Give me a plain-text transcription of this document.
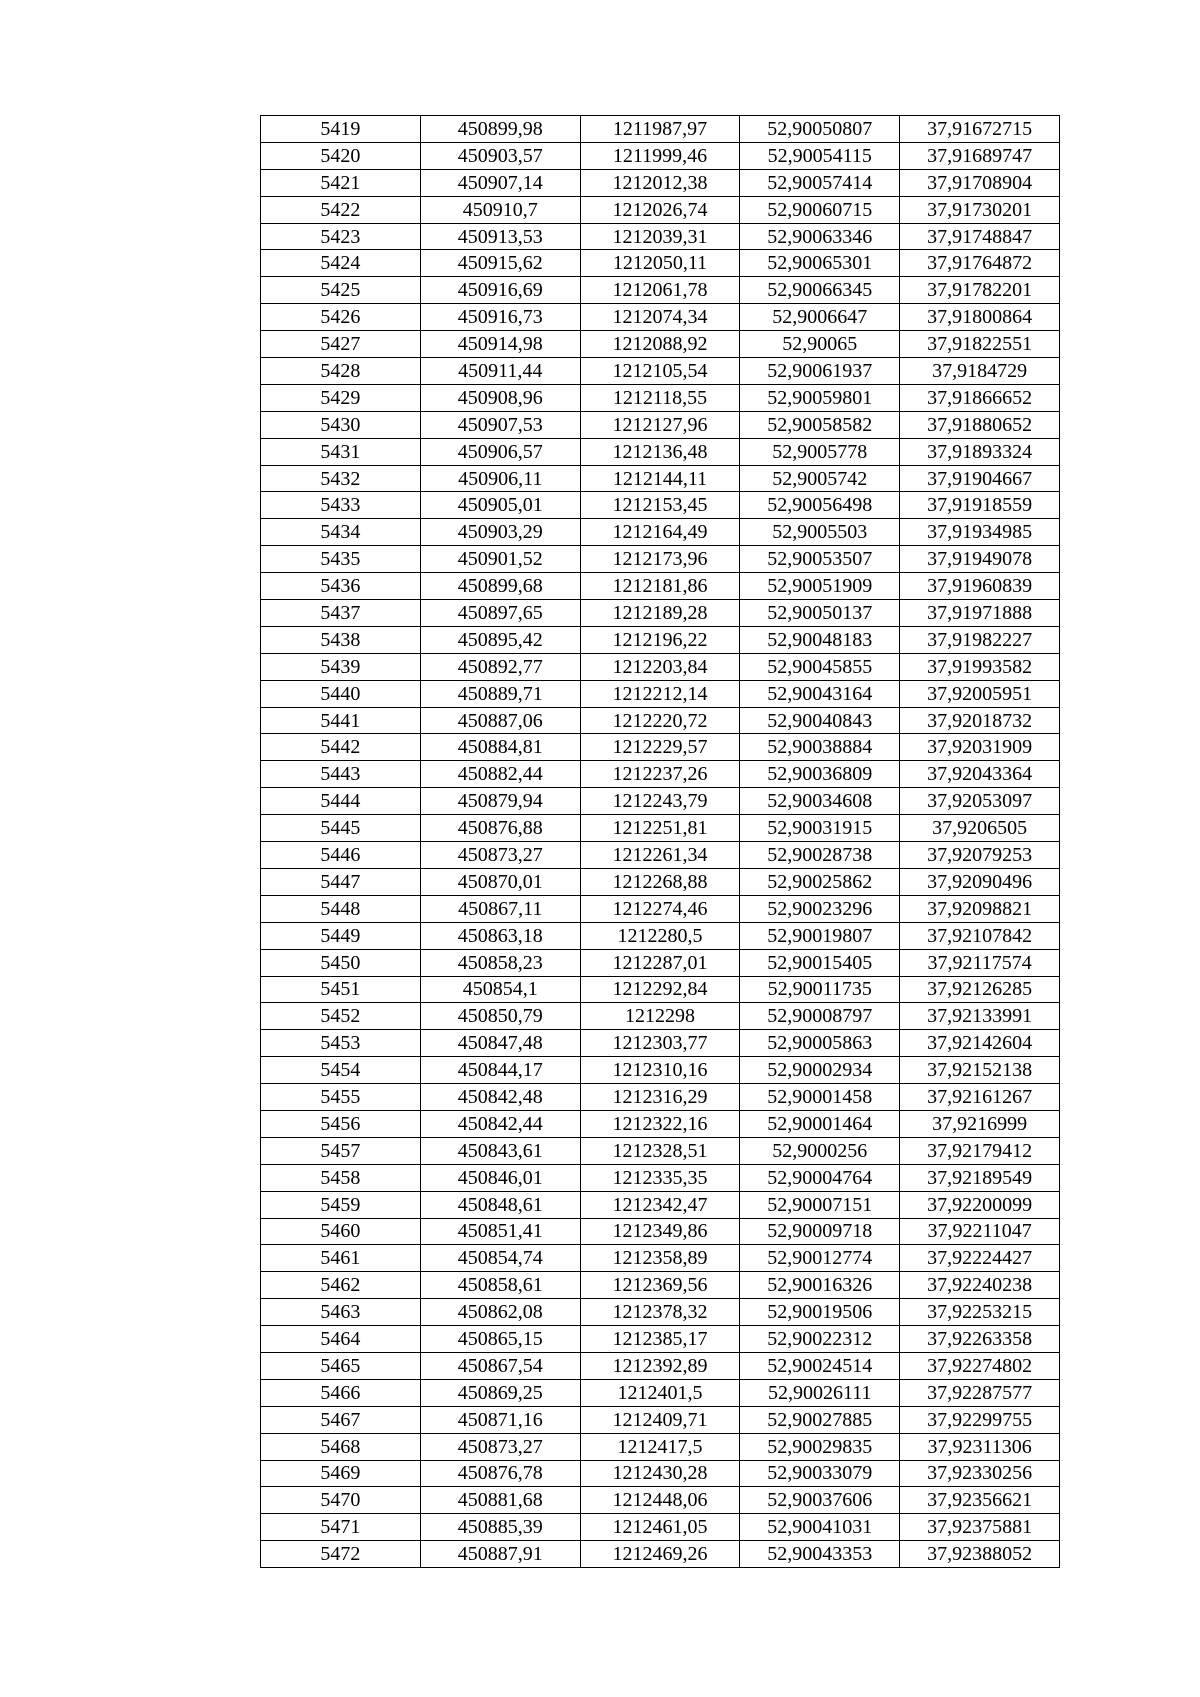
5419	450899,98	1211987,97	52,90050807	37,91672715
5420	450903,57	1211999,46	52,90054115	37,91689747
5421	450907,14	1212012,38	52,90057414	37,91708904
5422	450910,7	1212026,74	52,90060715	37,91730201
5423	450913,53	1212039,31	52,90063346	37,91748847
5424	450915,62	1212050,11	52,90065301	37,91764872
5425	450916,69	1212061,78	52,90066345	37,91782201
5426	450916,73	1212074,34	52,9006647	37,91800864
5427	450914,98	1212088,92	52,90065	37,91822551
5428	450911,44	1212105,54	52,90061937	37,9184729
5429	450908,96	1212118,55	52,90059801	37,91866652
5430	450907,53	1212127,96	52,90058582	37,91880652
5431	450906,57	1212136,48	52,9005778	37,91893324
5432	450906,11	1212144,11	52,9005742	37,91904667
5433	450905,01	1212153,45	52,90056498	37,91918559
5434	450903,29	1212164,49	52,9005503	37,91934985
5435	450901,52	1212173,96	52,90053507	37,91949078
5436	450899,68	1212181,86	52,90051909	37,91960839
5437	450897,65	1212189,28	52,90050137	37,91971888
5438	450895,42	1212196,22	52,90048183	37,91982227
5439	450892,77	1212203,84	52,90045855	37,91993582
5440	450889,71	1212212,14	52,90043164	37,92005951
5441	450887,06	1212220,72	52,90040843	37,92018732
5442	450884,81	1212229,57	52,90038884	37,92031909
5443	450882,44	1212237,26	52,90036809	37,92043364
5444	450879,94	1212243,79	52,90034608	37,92053097
5445	450876,88	1212251,81	52,90031915	37,9206505
5446	450873,27	1212261,34	52,90028738	37,92079253
5447	450870,01	1212268,88	52,90025862	37,92090496
5448	450867,11	1212274,46	52,90023296	37,92098821
5449	450863,18	1212280,5	52,90019807	37,92107842
5450	450858,23	1212287,01	52,90015405	37,92117574
5451	450854,1	1212292,84	52,90011735	37,92126285
5452	450850,79	1212298	52,90008797	37,92133991
5453	450847,48	1212303,77	52,90005863	37,92142604
5454	450844,17	1212310,16	52,90002934	37,92152138
5455	450842,48	1212316,29	52,90001458	37,92161267
5456	450842,44	1212322,16	52,90001464	37,9216999
5457	450843,61	1212328,51	52,9000256	37,92179412
5458	450846,01	1212335,35	52,90004764	37,92189549
5459	450848,61	1212342,47	52,90007151	37,92200099
5460	450851,41	1212349,86	52,90009718	37,92211047
5461	450854,74	1212358,89	52,90012774	37,92224427
5462	450858,61	1212369,56	52,90016326	37,92240238
5463	450862,08	1212378,32	52,90019506	37,92253215
5464	450865,15	1212385,17	52,90022312	37,92263358
5465	450867,54	1212392,89	52,90024514	37,92274802
5466	450869,25	1212401,5	52,90026111	37,92287577
5467	450871,16	1212409,71	52,90027885	37,92299755
5468	450873,27	1212417,5	52,90029835	37,92311306
5469	450876,78	1212430,28	52,90033079	37,92330256
5470	450881,68	1212448,06	52,90037606	37,92356621
5471	450885,39	1212461,05	52,90041031	37,92375881
5472	450887,91	1212469,26	52,90043353	37,92388052
